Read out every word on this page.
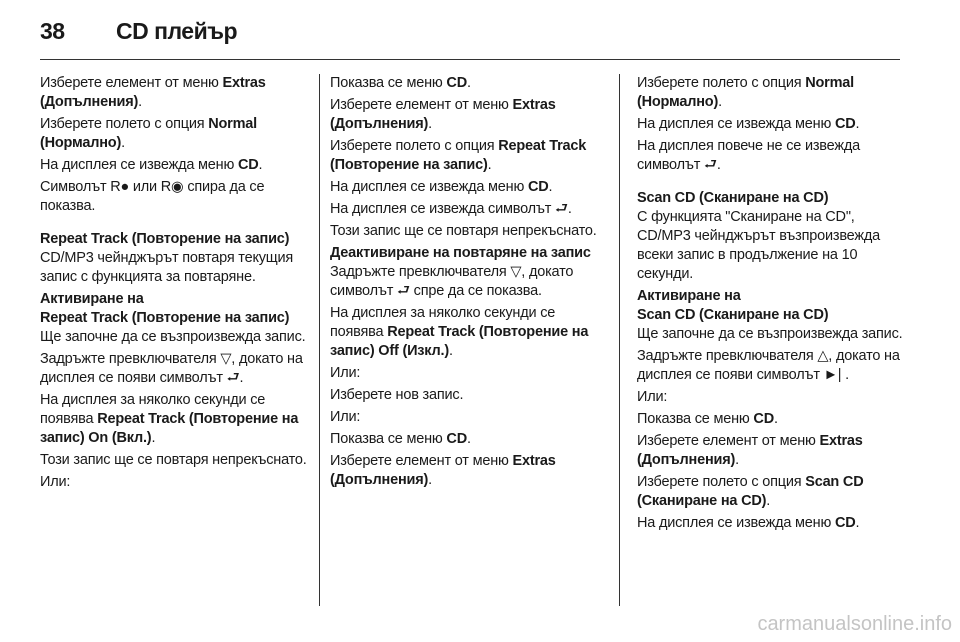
38 CD плейър

Изберете елемент от меню Extras (Допълнения).

Изберете полето с опция Normal (Нормално).

На дисплея се извежда меню CD.

Символът R● или R◉ спира да се показва.

Repeat Track (Повторение на запис)

CD/MP3 чейнджърът повтаря текущия запис с функцията за повтаряне.

Активиране на

Repeat Track (Повторение на запис)

Ще започне да се възпроизвежда запис.

Задръжте превключвателя ▽, докато на дисплея се появи символът ⮐.

На дисплея за няколко секунди се появява Repeat Track (Повторение на запис) On (Вкл.).

Този запис ще се повтаря непрекъснато.

Или:

Показва се меню CD.

Изберете елемент от меню Extras (Допълнения).

Изберете полето с опция Repeat Track (Повторение на запис).

На дисплея се извежда меню CD.

На дисплея се извежда символът ⮐.

Този запис ще се повтаря непрекъснато.

Деактивиране на повтаряне на запис

Задръжте превключвателя ▽, докато символът ⮐ спре да се показва.

На дисплея за няколко секунди се появява Repeat Track (Повторение на запис) Off (Изкл.).

Или:

Изберете нов запис.

Или:

Показва се меню CD.

Изберете елемент от меню Extras (Допълнения).

Изберете полето с опция Normal (Нормално).

На дисплея се извежда меню CD.

На дисплея повече не се извежда символът ⮐.

Scan CD (Сканиране на CD)

С функцията "Сканиране на CD", CD/MP3 чейнджърът възпроизвежда всеки запис в продължение на 10 секунди.

Активиране на

Scan CD (Сканиране на CD)

Ще започне да се възпроизвежда запис.

Задръжте превключвателя △, докато на дисплея се появи символът ►| .

Или:

Показва се меню CD.

Изберете елемент от меню Extras (Допълнения).

Изберете полето с опция Scan CD (Сканиране на CD).

На дисплея се извежда меню CD.

carmanualsonline.info
